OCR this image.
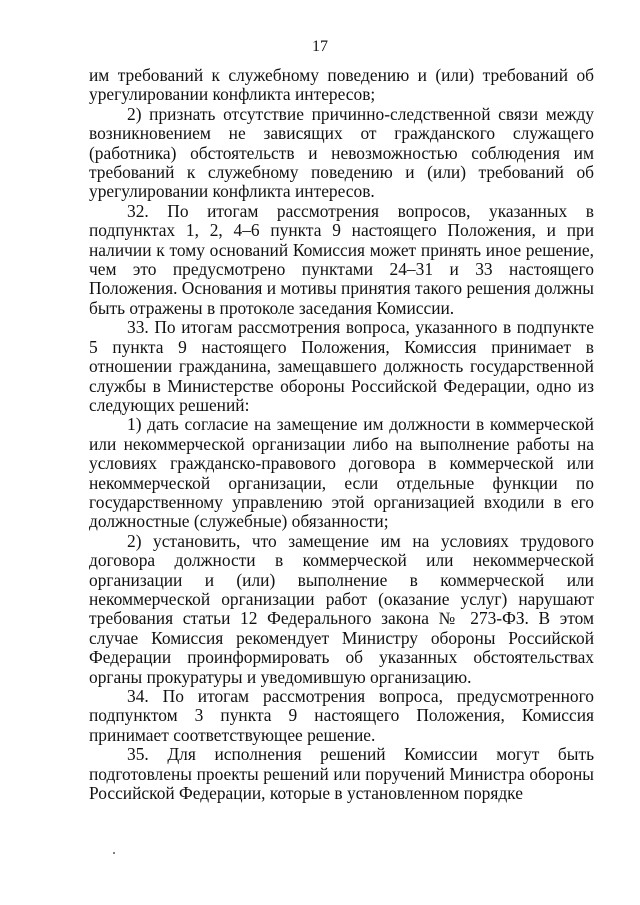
17

им требований к служебному поведению и (или) требований об урегулировании конфликта интересов;

2) признать отсутствие причинно-следственной связи между возникновением не зависящих от гражданского служащего (работника) обстоятельств и невозможностью соблюдения им требований к служебному поведению и (или) требований об урегулировании конфликта интересов.

32. По итогам рассмотрения вопросов, указанных в подпунктах 1, 2, 4–6 пункта 9 настоящего Положения, и при наличии к тому оснований Комиссия может принять иное решение, чем это предусмотрено пунктами 24–31 и 33 настоящего Положения. Основания и мотивы принятия такого решения должны быть отражены в протоколе заседания Комиссии.

33. По итогам рассмотрения вопроса, указанного в подпункте 5 пункта 9 настоящего Положения, Комиссия принимает в отношении гражданина, замещавшего должность государственной службы в Министерстве обороны Российской Федерации, одно из следующих решений:

1) дать согласие на замещение им должности в коммерческой или некоммерческой организации либо на выполнение работы на условиях гражданско-правового договора в коммерческой или некоммерческой организации, если отдельные функции по государственному управлению этой организацией входили в его должностные (служебные) обязанности;

2) установить, что замещение им на условиях трудового договора должности в коммерческой или некоммерческой организации и (или) выполнение в коммерческой или некоммерческой организации работ (оказание услуг) нарушают требования статьи 12 Федерального закона № 273-ФЗ. В этом случае Комиссия рекомендует Министру обороны Российской Федерации проинформировать об указанных обстоятельствах органы прокуратуры и уведомившую организацию.

34. По итогам рассмотрения вопроса, предусмотренного подпунктом 3 пункта 9 настоящего Положения, Комиссия принимает соответствующее решение.

35. Для исполнения решений Комиссии могут быть подготовлены проекты решений или поручений Министра обороны Российской Федерации, которые в установленном порядке
